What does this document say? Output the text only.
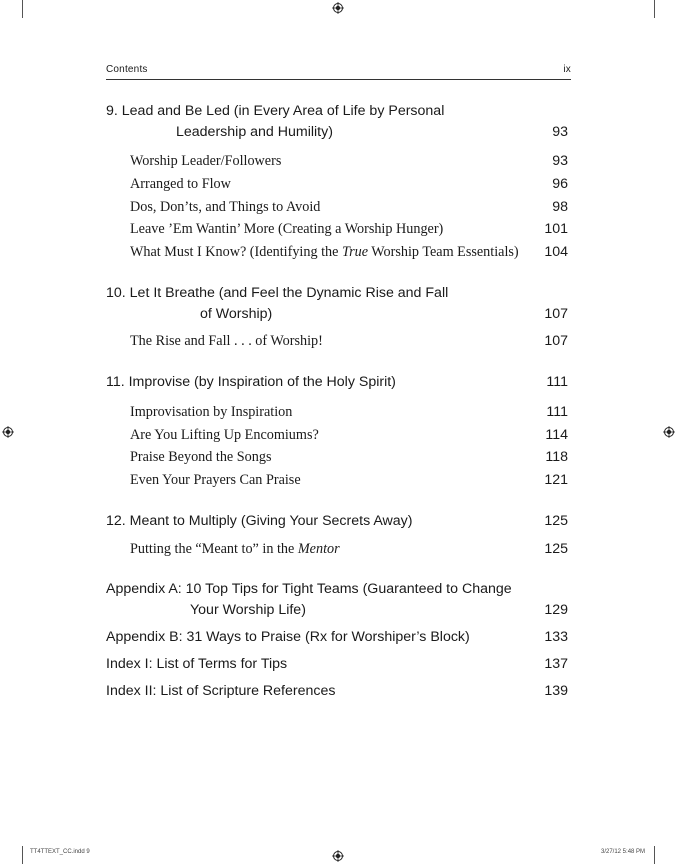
Contents	ix
9. Lead and Be Led (in Every Area of Life by Personal
Leadership and Humility)	93
Worship Leader/Followers	93
Arranged to Flow	96
Dos, Don’ts, and Things to Avoid	98
Leave ’Em Wantin’ More (Creating a Worship Hunger)	101
What Must I Know? (Identifying the True Worship Team Essentials) 104
10. Let It Breathe (and Feel the Dynamic Rise and Fall
of Worship)	107
The Rise and Fall . . . of Worship!	107
11. Improvise (by Inspiration of the Holy Spirit)	111
Improvisation by Inspiration	111
Are You Lifting Up Encomiums?	114
Praise Beyond the Songs	118
Even Your Prayers Can Praise	121
12. Meant to Multiply (Giving Your Secrets Away)	125
Putting the “Meant to” in the Mentor	125
Appendix A: 10 Top Tips for Tight Teams (Guaranteed to Change
Your Worship Life)	129
Appendix B: 31 Ways to Praise (Rx for Worshiper’s Block)	133
Index I: List of Terms for Tips	137
Index II: List of Scripture References	139
TT4TTEXT_CC.indd 9	3/27/12 5:48 PM
